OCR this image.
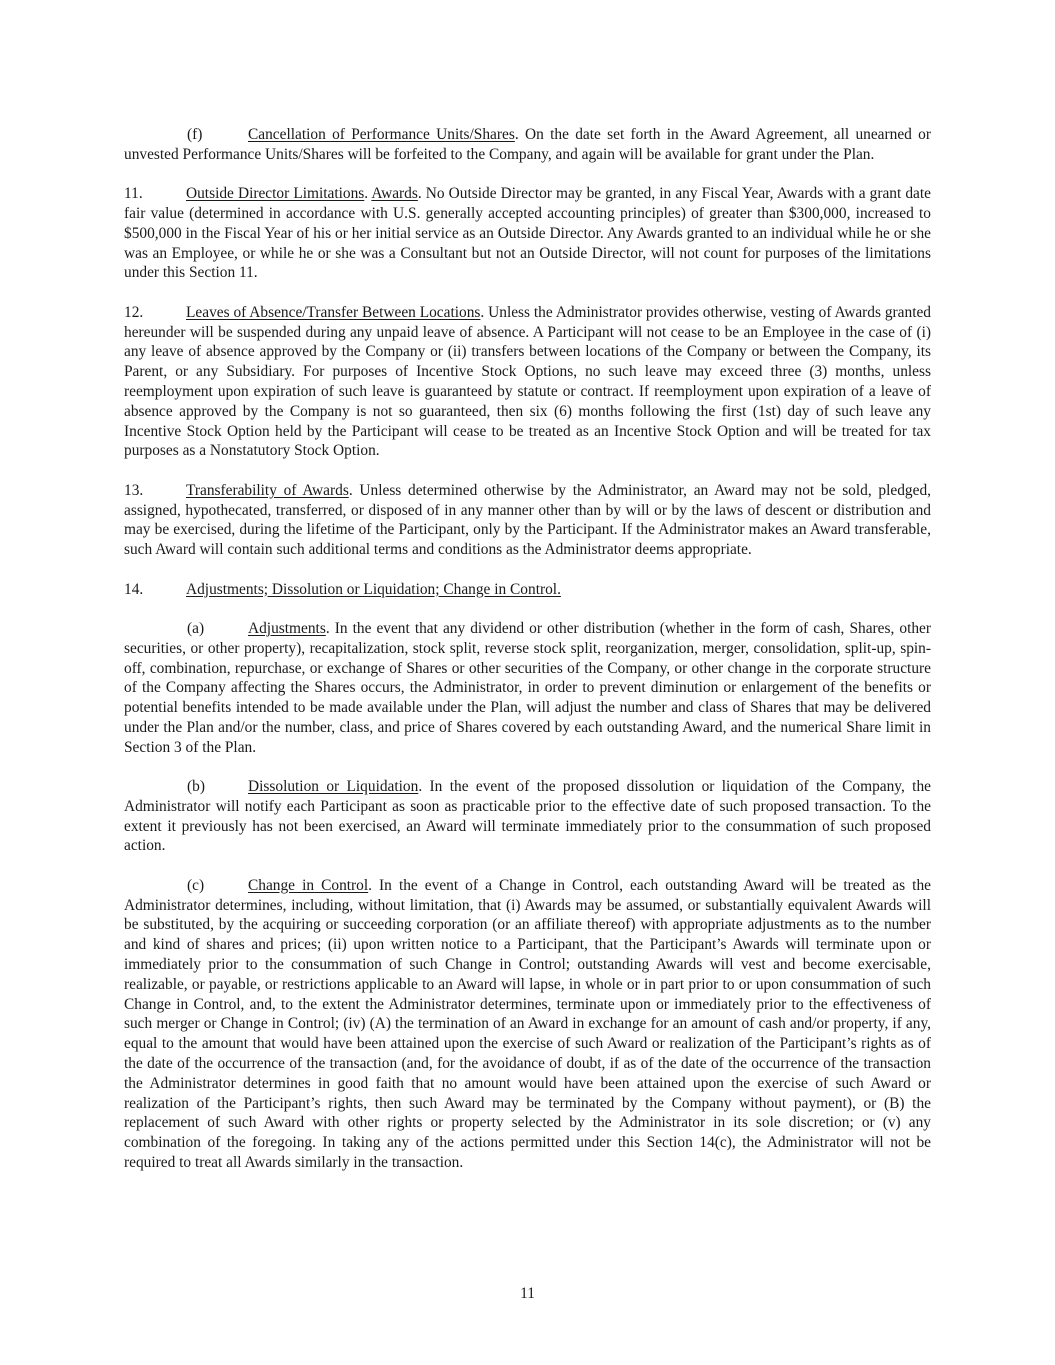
(f)	Cancellation of Performance Units/Shares. On the date set forth in the Award Agreement, all unearned or unvested Performance Units/Shares will be forfeited to the Company, and again will be available for grant under the Plan.

11.	Outside Director Limitations. Awards. No Outside Director may be granted, in any Fiscal Year, Awards with a grant date fair value (determined in accordance with U.S. generally accepted accounting principles) of greater than $300,000, increased to $500,000 in the Fiscal Year of his or her initial service as an Outside Director. Any Awards granted to an individual while he or she was an Employee, or while he or she was a Consultant but not an Outside Director, will not count for purposes of the limitations under this Section 11.

12.	Leaves of Absence/Transfer Between Locations. Unless the Administrator provides otherwise, vesting of Awards granted hereunder will be suspended during any unpaid leave of absence. A Participant will not cease to be an Employee in the case of (i) any leave of absence approved by the Company or (ii) transfers between locations of the Company or between the Company, its Parent, or any Subsidiary. For purposes of Incentive Stock Options, no such leave may exceed three (3) months, unless reemployment upon expiration of such leave is guaranteed by statute or contract. If reemployment upon expiration of a leave of absence approved by the Company is not so guaranteed, then six (6) months following the first (1st) day of such leave any Incentive Stock Option held by the Participant will cease to be treated as an Incentive Stock Option and will be treated for tax purposes as a Nonstatutory Stock Option.

13.	Transferability of Awards. Unless determined otherwise by the Administrator, an Award may not be sold, pledged, assigned, hypothecated, transferred, or disposed of in any manner other than by will or by the laws of descent or distribution and may be exercised, during the lifetime of the Participant, only by the Participant. If the Administrator makes an Award transferable, such Award will contain such additional terms and conditions as the Administrator deems appropriate.

14.	Adjustments; Dissolution or Liquidation; Change in Control.

(a)	Adjustments. In the event that any dividend or other distribution (whether in the form of cash, Shares, other securities, or other property), recapitalization, stock split, reverse stock split, reorganization, merger, consolidation, split-up, spin-off, combination, repurchase, or exchange of Shares or other securities of the Company, or other change in the corporate structure of the Company affecting the Shares occurs, the Administrator, in order to prevent diminution or enlargement of the benefits or potential benefits intended to be made available under the Plan, will adjust the number and class of Shares that may be delivered under the Plan and/or the number, class, and price of Shares covered by each outstanding Award, and the numerical Share limit in Section 3 of the Plan.

(b)	Dissolution or Liquidation. In the event of the proposed dissolution or liquidation of the Company, the Administrator will notify each Participant as soon as practicable prior to the effective date of such proposed transaction. To the extent it previously has not been exercised, an Award will terminate immediately prior to the consummation of such proposed action.

(c)	Change in Control. In the event of a Change in Control, each outstanding Award will be treated as the Administrator determines, including, without limitation, that (i) Awards may be assumed, or substantially equivalent Awards will be substituted, by the acquiring or succeeding corporation (or an affiliate thereof) with appropriate adjustments as to the number and kind of shares and prices; (ii) upon written notice to a Participant, that the Participant’s Awards will terminate upon or immediately prior to the consummation of such Change in Control; outstanding Awards will vest and become exercisable, realizable, or payable, or restrictions applicable to an Award will lapse, in whole or in part prior to or upon consummation of such Change in Control, and, to the extent the Administrator determines, terminate upon or immediately prior to the effectiveness of such merger or Change in Control; (iv) (A) the termination of an Award in exchange for an amount of cash and/or property, if any, equal to the amount that would have been attained upon the exercise of such Award or realization of the Participant’s rights as of the date of the occurrence of the transaction (and, for the avoidance of doubt, if as of the date of the occurrence of the transaction the Administrator determines in good faith that no amount would have been attained upon the exercise of such Award or realization of the Participant’s rights, then such Award may be terminated by the Company without payment), or (B) the replacement of such Award with other rights or property selected by the Administrator in its sole discretion; or (v) any combination of the foregoing. In taking any of the actions permitted under this Section 14(c), the Administrator will not be required to treat all Awards similarly in the transaction.

11
